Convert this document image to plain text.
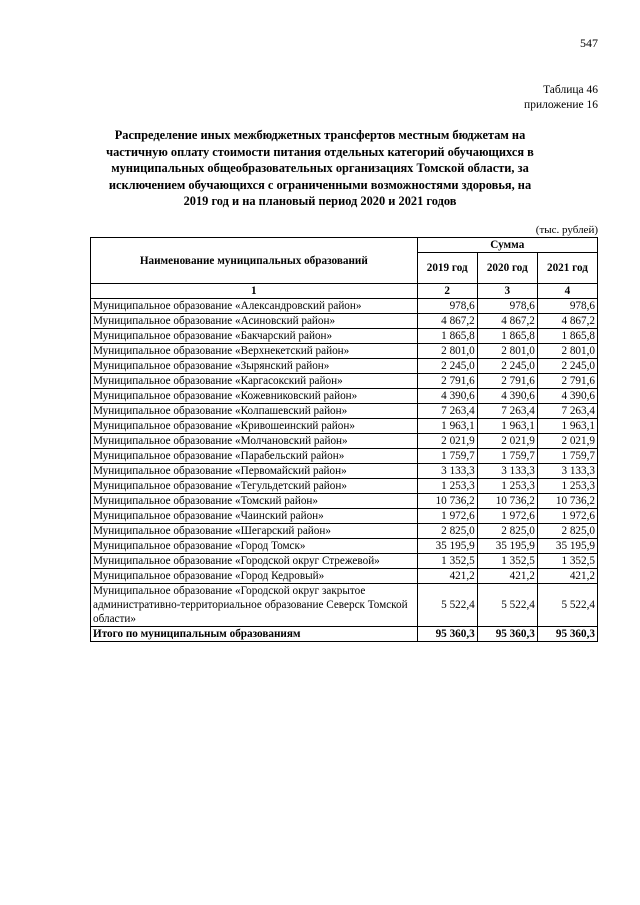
547
Таблица 46
приложение 16
Распределение иных межбюджетных трансфертов местным бюджетам на
частичную оплату стоимости питания отдельных категорий обучающихся в
муниципальных общеобразовательных организациях Томской области, за
исключением обучающихся с ограниченными возможностями здоровья, на
2019 год и на плановый период 2020 и 2021 годов
(тыс. рублей)
Наименование муниципальных образований	Сумма		
	2019 год	2020 год	2021 год
1	2	3	4
Муниципальное образование «Александровский район»	978,6	978,6	978,6
Муниципальное образование «Асиновский район»	4 867,2	4 867,2	4 867,2
Муниципальное образование «Бакчарский район»	1 865,8	1 865,8	1 865,8
Муниципальное образование «Верхнекетский район»	2 801,0	2 801,0	2 801,0
Муниципальное образование «Зырянский район»	2 245,0	2 245,0	2 245,0
Муниципальное образование «Каргасокский район»	2 791,6	2 791,6	2 791,6
Муниципальное образование «Кожевниковский район»	4 390,6	4 390,6	4 390,6
Муниципальное образование «Колпашевский район»	7 263,4	7 263,4	7 263,4
Муниципальное образование «Кривошеинский район»	1 963,1	1 963,1	1 963,1
Муниципальное образование «Молчановский район»	2 021,9	2 021,9	2 021,9
Муниципальное образование «Парабельский район»	1 759,7	1 759,7	1 759,7
Муниципальное образование «Первомайский район»	3 133,3	3 133,3	3 133,3
Муниципальное образование «Тегульдетский район»	1 253,3	1 253,3	1 253,3
Муниципальное образование «Томский район»	10 736,2	10 736,2	10 736,2
Муниципальное образование «Чаинский район»	1 972,6	1 972,6	1 972,6
Муниципальное образование «Шегарский район»	2 825,0	2 825,0	2 825,0
Муниципальное образование «Город Томск»	35 195,9	35 195,9	35 195,9
Муниципальное образование «Городской округ Стрежевой»	1 352,5	1 352,5	1 352,5
Муниципальное образование «Город Кедровый»	421,2	421,2	421,2
Муниципальное образование «Городской округ закрытое административно-территориальное образование Северск Томской области»	5 522,4	5 522,4	5 522,4
Итого по муниципальным образованиям	95 360,3	95 360,3	95 360,3
